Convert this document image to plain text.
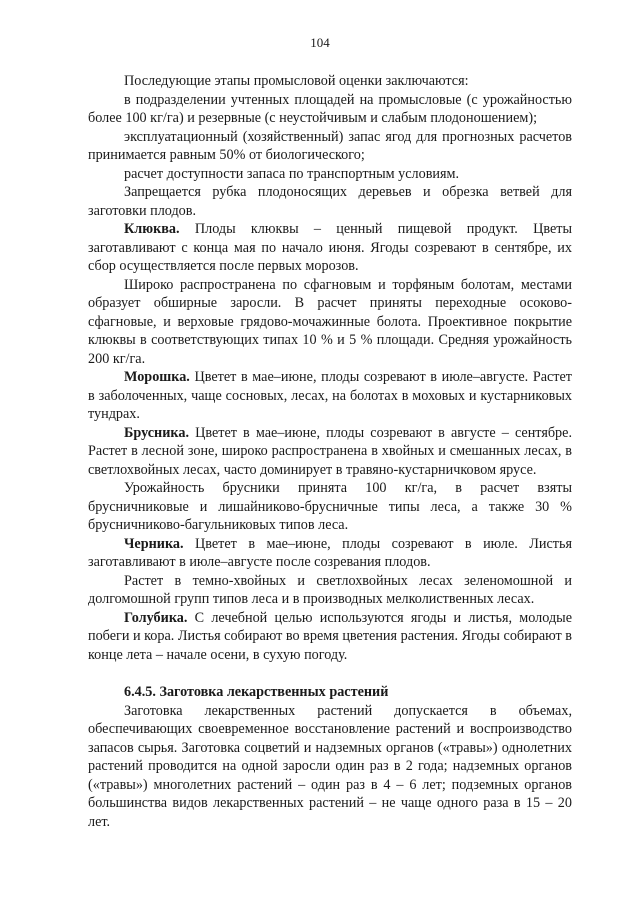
104

Последующие этапы промысловой оценки заключаются:

в подразделении учтенных площадей на промысловые (с урожайностью более 100 кг/га) и резервные (с неустойчивым и слабым плодоношением);

эксплуатационный (хозяйственный) запас ягод для прогнозных расчетов принимается равным 50% от биологического;

расчет доступности запаса по транспортным условиям.

Запрещается рубка плодоносящих деревьев и обрезка ветвей для заготовки плодов.

Клюква. Плоды клюквы – ценный пищевой продукт. Цветы заготавливают с конца мая по начало июня. Ягоды созревают в сентябре, их сбор осуществляется после первых морозов.

Широко распространена по сфагновым и торфяным болотам, местами образует обширные заросли. В расчет приняты переходные осоково-сфагновые, и верховые грядово-мочажинные болота. Проективное покрытие клюквы в соответствующих типах 10 % и 5 % площади. Средняя урожайность 200 кг/га.

Морошка. Цветет в мае–июне, плоды созревают в июле–августе. Растет в заболоченных, чаще сосновых, лесах, на болотах в моховых и кустарниковых тундрах.

Брусника. Цветет в мае–июне, плоды созревают в августе – сентябре. Растет в лесной зоне, широко распространена в хвойных и смешанных лесах, в светлохвойных лесах, часто доминирует в травяно-кустарничковом ярусе.

Урожайность брусники принята 100 кг/га, в расчет взяты брусничниковые и лишайниково-брусничные типы леса, а также 30 % брусничниково-багульниковых типов леса.

Черника. Цветет в мае–июне, плоды созревают в июле. Листья заготавливают в июле–августе после созревания плодов.

Растет в темно-хвойных и светлохвойных лесах зеленомошной и долгомошной групп типов леса и в производных мелколиственных лесах.

Голубика. С лечебной целью используются ягоды и листья, молодые побеги и кора. Листья собирают во время цветения растения. Ягоды собирают в конце лета – начале осени, в сухую погоду.

6.4.5. Заготовка лекарственных растений

Заготовка лекарственных растений допускается в объемах, обеспечивающих своевременное восстановление растений и воспроизводство запасов сырья. Заготовка соцветий и надземных органов («травы») однолетних растений проводится на одной заросли один раз в 2 года; надземных органов («травы») многолетних растений – один раз в 4 – 6 лет; подземных органов большинства видов лекарственных растений – не чаще одного раза в 15 – 20 лет.
